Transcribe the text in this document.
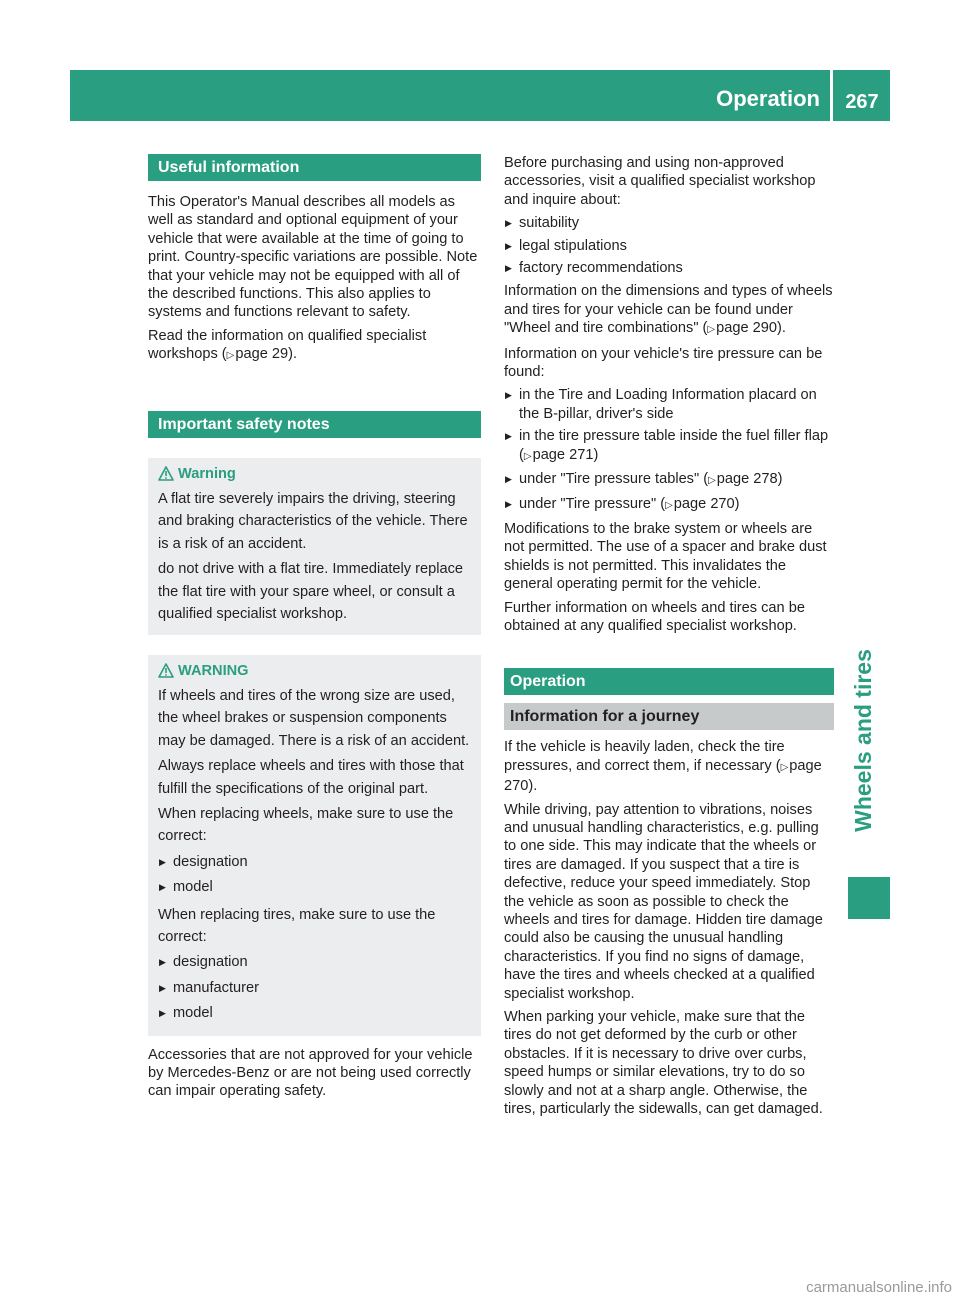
Operation	267
Wheels and tires
Useful information

This Operator's Manual describes all models as well as standard and optional equipment of your vehicle that were available at the time of going to print. Country-specific variations are possible. Note that your vehicle may not be equipped with all of the described functions. This also applies to systems and functions relevant to safety.

Read the information on qualified specialist workshops (▷page 29).

Important safety notes
Warning

A flat tire severely impairs the driving, steering and braking characteristics of the vehicle. There is a risk of an accident.

do not drive with a flat tire. Immediately replace the flat tire with your spare wheel, or consult a qualified specialist workshop.

WARNING

If wheels and tires of the wrong size are used, the wheel brakes or suspension components may be damaged. There is a risk of an accident.

Always replace wheels and tires with those that fulfill the specifications of the original part.

When replacing wheels, make sure to use the correct:

▶ designation
▶ model

When replacing tires, make sure to use the correct:

▶ designation
▶ manufacturer
▶ model

Accessories that are not approved for your vehicle by Mercedes-Benz or are not being used correctly can impair operating safety.

Before purchasing and using non-approved accessories, visit a qualified specialist workshop and inquire about:

▶ suitability
▶ legal stipulations
▶ factory recommendations

Information on the dimensions and types of wheels and tires for your vehicle can be found under "Wheel and tire combinations" (▷page 290).

Information on your vehicle's tire pressure can be found:

▶ in the Tire and Loading Information placard on the B-pillar, driver's side
▶ in the tire pressure table inside the fuel filler flap (▷page 271)
▶ under "Tire pressure tables" (▷page 278)
▶ under "Tire pressure" (▷page 270)

Modifications to the brake system or wheels are not permitted. The use of a spacer and brake dust shields is not permitted. This invalidates the general operating permit for the vehicle.

Further information on wheels and tires can be obtained at any qualified specialist workshop.

Operation
Information for a journey

If the vehicle is heavily laden, check the tire pressures, and correct them, if necessary (▷page 270).

While driving, pay attention to vibrations, noises and unusual handling characteristics, e.g. pulling to one side. This may indicate that the wheels or tires are damaged. If you suspect that a tire is defective, reduce your speed immediately. Stop the vehicle as soon as possible to check the wheels and tires for damage. Hidden tire damage could also be causing the unusual handling characteristics. If you find no signs of damage, have the tires and wheels checked at a qualified specialist workshop.

When parking your vehicle, make sure that the tires do not get deformed by the curb or other obstacles. If it is necessary to drive over curbs, speed humps or similar elevations, try to do so slowly and not at a sharp angle. Otherwise, the tires, particularly the sidewalls, can get damaged.

carmanualsonline.info
